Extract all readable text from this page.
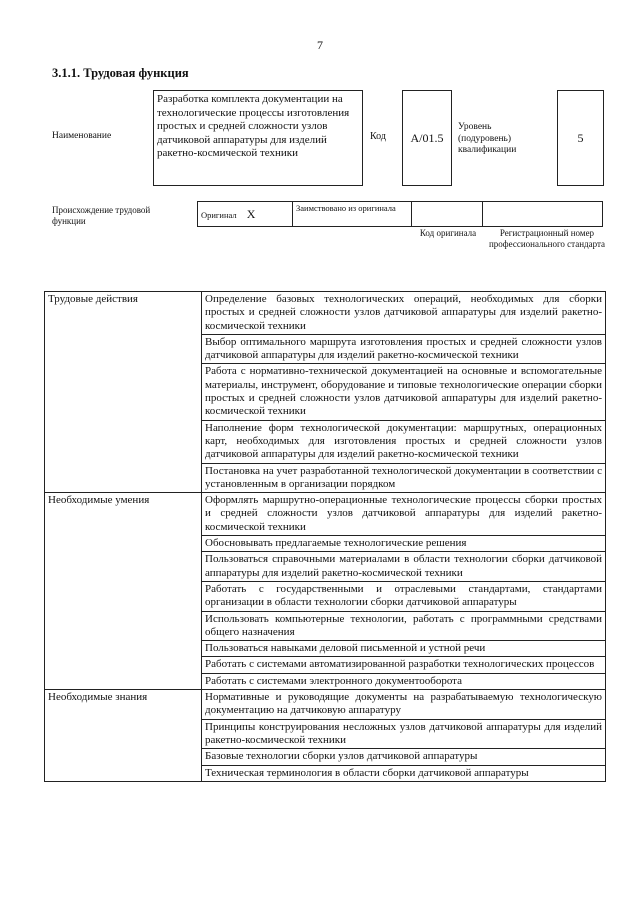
7
3.1.1. Трудовая функция
Наименование
Разработка комплекта документации на технологические процессы изготовления простых и средней сложности узлов датчиковой аппаратуры для изделий ракетно-космической техники
Код A/01.5
Уровень (подуровень) квалификации
5
Происхождение трудовой функции
Оригинал X	Заимствовано из оригинала		
Код оригинала	Регистрационный номер профессионального стандарта
Трудовые действия	Определение базовых технологических операций, необходимых для сборки простых и средней сложности узлов датчиковой аппаратуры для изделий ракетно-космической техники
	Выбор оптимального маршрута изготовления простых и средней сложности узлов датчиковой аппаратуры для изделий ракетно-космической техники
	Работа с нормативно-технической документацией на основные и вспомогательные материалы, инструмент, оборудование и типовые технологические операции сборки простых и средней сложности узлов датчиковой аппаратуры для изделий ракетно-космической техники
	Наполнение форм технологической документации: маршрутных, операционных карт, необходимых для изготовления простых и средней сложности узлов датчиковой аппаратуры для изделий ракетно-космической техники
	Постановка на учет разработанной технологической документации в соответствии с установленным в организации порядком
Необходимые умения	Оформлять маршрутно-операционные технологические процессы сборки простых и средней сложности узлов датчиковой аппаратуры для изделий ракетно-космической техники
	Обосновывать предлагаемые технологические решения
	Пользоваться справочными материалами в области технологии сборки датчиковой аппаратуры для изделий ракетно-космической техники
	Работать с государственными и отраслевыми стандартами, стандартами организации в области технологии сборки датчиковой аппаратуры
	Использовать компьютерные технологии, работать с программными средствами общего назначения
	Пользоваться навыками деловой письменной и устной речи
	Работать с системами автоматизированной разработки технологических процессов
	Работать с системами электронного документооборота
Необходимые знания	Нормативные и руководящие документы на разрабатываемую технологическую документацию на датчиковую аппаратуру
	Принципы конструирования несложных узлов датчиковой аппаратуры для изделий ракетно-космической техники
	Базовые технологии сборки узлов датчиковой аппаратуры
	Техническая терминология в области сборки датчиковой аппаратуры
